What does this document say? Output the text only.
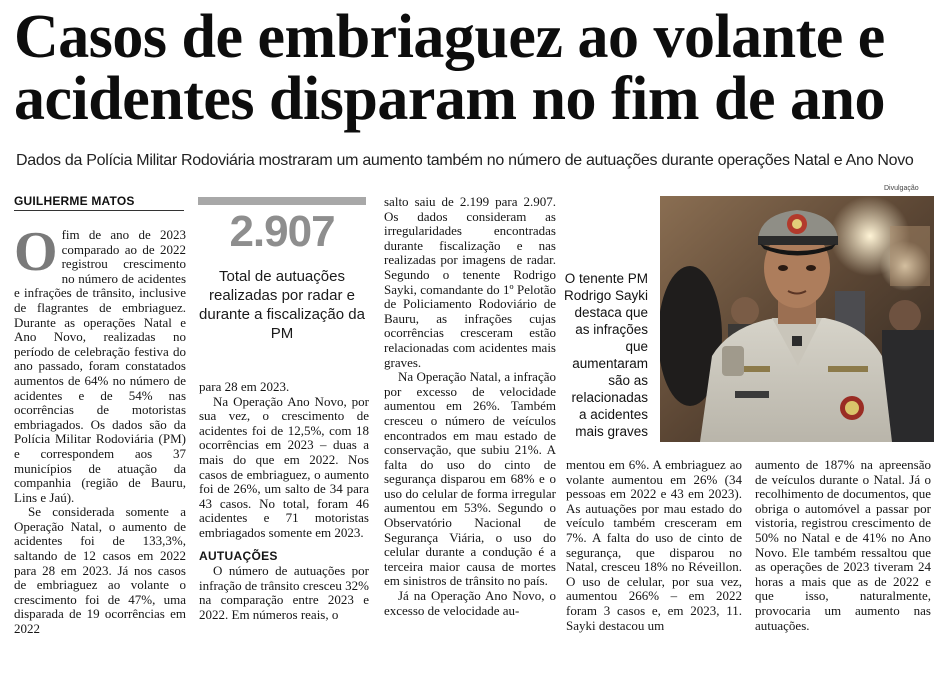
Casos de embriaguez ao volante e acidentes disparam no fim de ano
Dados da Polícia Militar Rodoviária mostraram um aumento também no número de autuações durante operações Natal e Ano Novo
GUILHERME MATOS
O fim de ano de 2023 comparado ao de 2022 registrou crescimento no número de acidentes e infrações de trânsito, inclusive de flagrantes de embriaguez. Durante as operações Natal e Ano Novo, realizadas no período de celebração festiva do ano passado, foram constatados aumentos de 64% no número de acidentes e de 54% nas ocorrências de motoristas embriagados. Os dados são da Polícia Militar Rodoviária (PM) e correspondem aos 37 municípios de atuação da companhia (região de Bauru, Lins e Jaú).

Se considerada somente a Operação Natal, o aumento de acidentes foi de 133,3%, saltando de 12 casos em 2022 para 28 em 2023. Já nos casos de embriaguez ao volante o crescimento foi de 47%, uma disparada de 19 ocorrências em 2022

2.907
Total de autuações realizadas por radar e durante a fiscalização da PM

para 28 em 2023.

Na Operação Ano Novo, por sua vez, o crescimento de acidentes foi de 12,5%, com 18 ocorrências em 2023 – duas a mais do que em 2022. Nos casos de embriaguez, o aumento foi de 26%, um salto de 34 para 43 casos. No total, foram 46 acidentes e 71 motoristas embriagados somente em 2023.

AUTUAÇÕES

O número de autuações por infração de trânsito cresceu 32% na comparação entre 2023 e 2022. Em números reais, o

salto saiu de 2.199 para 2.907. Os dados consideram as irregularidades encontradas durante fiscalização e nas realizadas por imagens de radar. Segundo o tenente Rodrigo Sayki, comandante do 1º Pelotão de Policiamento Rodoviário de Bauru, as infrações cujas ocorrências cresceram estão relacionadas com acidentes mais graves.

Na Operação Natal, a infração por excesso de velocidade aumentou em 26%. Também cresceu o número de veículos encontrados em mau estado de conservação, que subiu 21%. A falta do uso do cinto de segurança disparou em 68% e o uso do celular de forma irregular aumentou em 53%. Segundo o Observatório Nacional de Segurança Viária, o uso do celular durante a condução é a terceira maior causa de mortes em sinistros de trânsito no país.

Já na Operação Ano Novo, o excesso de velocidade au-

O tenente PM Rodrigo Sayki destaca que as infrações que aumentaram são as relacionadas a acidentes mais graves
Divulgação

mentou em 6%. A embriaguez ao volante aumentou em 26% (34 pessoas em 2022 e 43 em 2023). As autuações por mau estado do veículo também cresceram em 7%. A falta do uso de cinto de segurança, que disparou no Natal, cresceu 18% no Réveillon. O uso de celular, por sua vez, aumentou 266% – em 2022 foram 3 casos e, em 2023, 11. Sayki destacou um

aumento de 187% na apreensão de veículos durante o Natal. Já o recolhimento de documentos, que obriga o automóvel a passar por vistoria, registrou crescimento de 50% no Natal e de 41% no Ano Novo. Ele também ressaltou que as operações de 2023 tiveram 24 horas a mais que as de 2022 e que isso, naturalmente, provocaria um aumento nas autuações.
